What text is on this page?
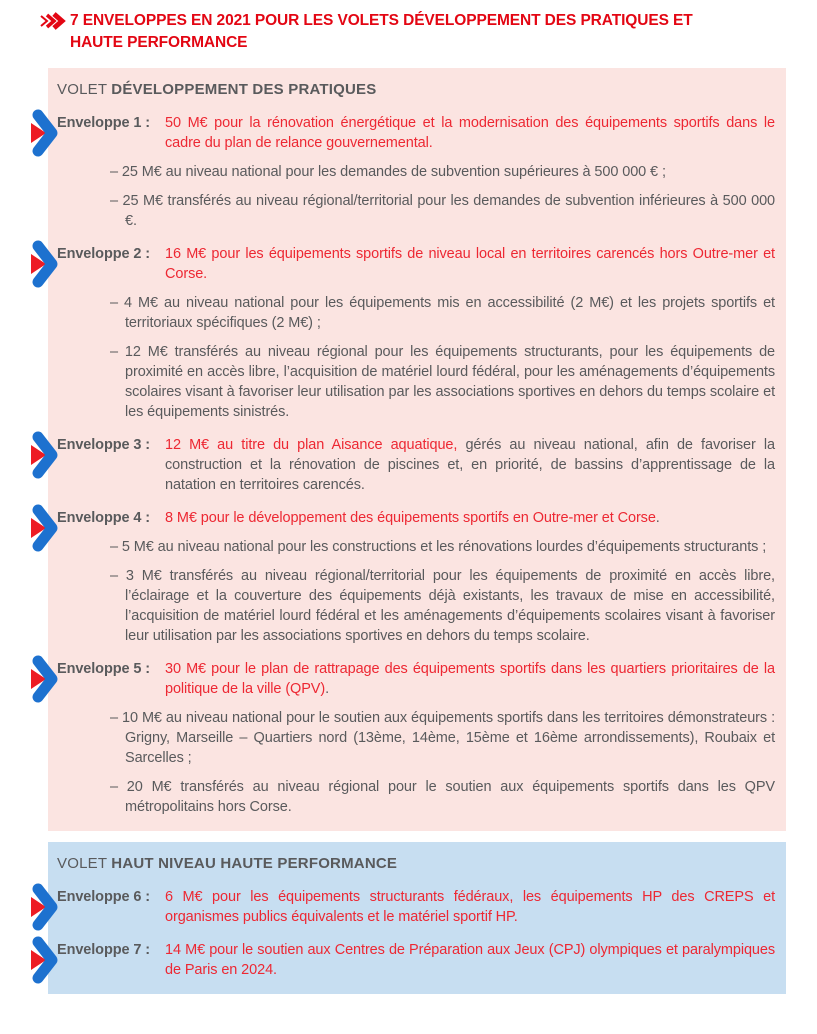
7 ENVELOPPES EN 2021 POUR LES VOLETS DÉVELOPPEMENT DES PRATIQUES ET HAUTE PERFORMANCE
VOLET DÉVELOPPEMENT DES PRATIQUES
Enveloppe 1 :	50 M€ pour la rénovation énergétique et la modernisation des équipements sportifs dans le cadre du plan de relance gouvernemental.
– 25 M€ au niveau national pour les demandes de subvention supérieures à 500 000 € ;
– 25 M€ transférés au niveau régional/territorial pour les demandes de subvention inférieures à 500 000 €.
Enveloppe 2 :	16 M€ pour les équipements sportifs de niveau local en territoires carencés hors Outre-mer et Corse.
– 4 M€ au niveau national pour les équipements mis en accessibilité (2 M€) et les projets sportifs et territoriaux spécifiques (2 M€) ;
– 12 M€ transférés au niveau régional pour les équipements structurants, pour les équipements de proximité en accès libre, l’acquisition de matériel lourd fédéral, pour les aménagements d’équipements scolaires visant à favoriser leur utilisation par les associations sportives en dehors du temps scolaire et les équipements sinistrés.
Enveloppe 3 :	12 M€ au titre du plan Aisance aquatique, gérés au niveau national, afin de favoriser la construction et la rénovation de piscines et, en priorité, de bassins d’apprentissage de la natation en territoires carencés.
Enveloppe 4 :	8 M€ pour le développement des équipements sportifs en Outre-mer et Corse.
– 5 M€ au niveau national pour les constructions et les rénovations lourdes d’équipements structurants ;
– 3 M€ transférés au niveau régional/territorial pour les équipements de proximité en accès libre, l’éclairage et la couverture des équipements déjà existants, les travaux de mise en accessibilité, l’acquisition de matériel lourd fédéral et les aménagements d’équipements scolaires visant à favoriser leur utilisation par les associations sportives en dehors du temps scolaire.
Enveloppe 5 :	30 M€ pour le plan de rattrapage des équipements sportifs dans les quartiers prioritaires de la politique de la ville (QPV).
– 10 M€ au niveau national pour le soutien aux équipements sportifs dans les territoires démonstrateurs : Grigny, Marseille – Quartiers nord (13ème, 14ème, 15ème et 16ème arrondissements), Roubaix et Sarcelles ;
– 20 M€ transférés au niveau régional pour le soutien aux équipements sportifs dans les QPV métropolitains hors Corse.
VOLET HAUT NIVEAU HAUTE PERFORMANCE
Enveloppe 6 :	6 M€ pour les équipements structurants fédéraux, les équipements HP des CREPS et organismes publics équivalents et le matériel sportif HP.
Enveloppe 7 :	14 M€ pour le soutien aux Centres de Préparation aux Jeux (CPJ) olympiques et paralympiques de Paris en 2024.
